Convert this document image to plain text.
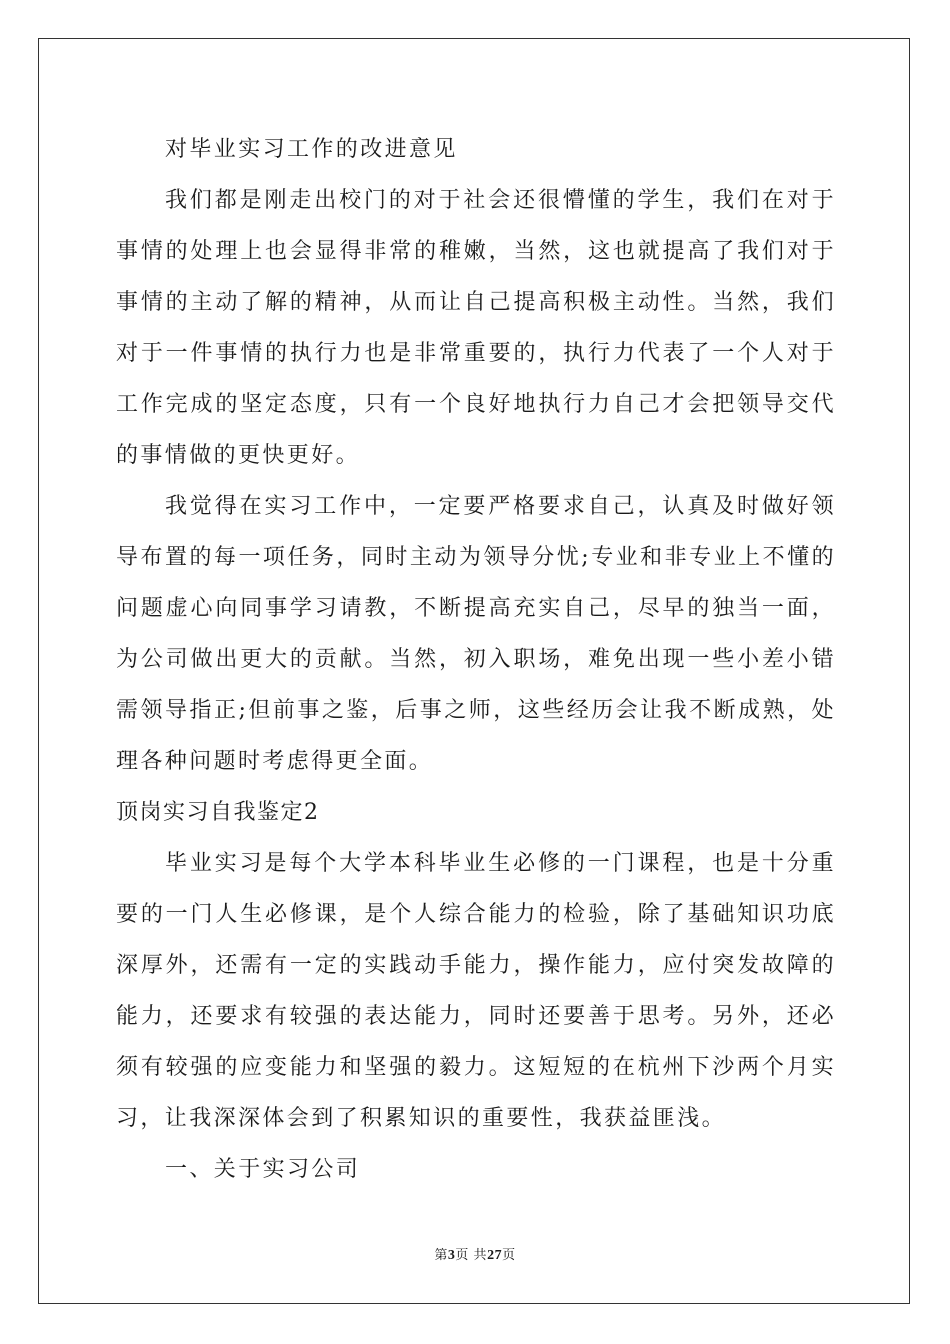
对毕业实习工作的改进意见

我们都是刚走出校门的对于社会还很懵懂的学生，我们在对于事情的处理上也会显得非常的稚嫩，当然，这也就提高了我们对于事情的主动了解的精神，从而让自己提高积极主动性。当然，我们对于一件事情的执行力也是非常重要的，执行力代表了一个人对于工作完成的坚定态度，只有一个良好地执行力自己才会把领导交代的事情做的更快更好。

我觉得在实习工作中，一定要严格要求自己，认真及时做好领导布置的每一项任务，同时主动为领导分忧;专业和非专业上不懂的问题虚心向同事学习请教，不断提高充实自己，尽早的独当一面，为公司做出更大的贡献。当然，初入职场，难免出现一些小差小错需领导指正;但前事之鉴，后事之师，这些经历会让我不断成熟，处理各种问题时考虑得更全面。

顶岗实习自我鉴定2

毕业实习是每个大学本科毕业生必修的一门课程，也是十分重要的一门人生必修课，是个人综合能力的检验，除了基础知识功底深厚外，还需有一定的实践动手能力，操作能力，应付突发故障的能力，还要求有较强的表达能力，同时还要善于思考。另外，还必须有较强的应变能力和坚强的毅力。这短短的在杭州下沙两个月实习，让我深深体会到了积累知识的重要性，我获益匪浅。

一、关于实习公司

第3页 共27页
